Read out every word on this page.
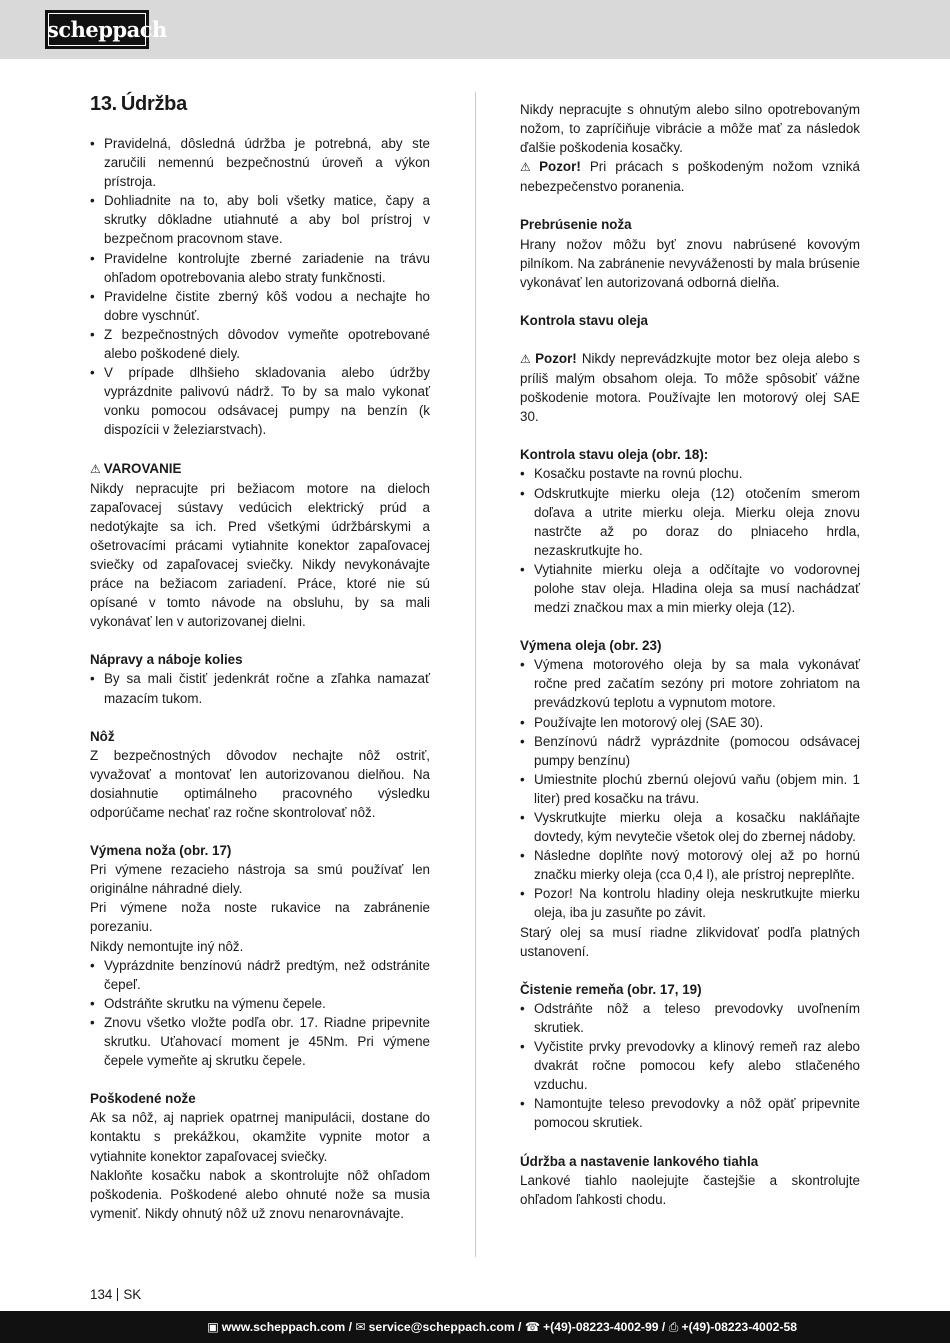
scheppach
13. Údržba
• Pravidelná, dôsledná údržba je potrebná, aby ste zaručili nemennú bezpečnostnú úroveň a výkon prístroja.
• Dohliadnite na to, aby boli všetky matice, čapy a skrutky dôkladne utiahnuté a aby bol prístroj v bezpečnom pracovnom stave.
• Pravidelne kontrolujte zberné zariadenie na trávu ohľadom opotrebovania alebo straty funkčnosti.
• Pravidelne čistite zberný kôš vodou a nechajte ho dobre vyschnúť.
• Z bezpečnostných dôvodov vymeňte opotrebované alebo poškodené diely.
• V prípade dlhšieho skladovania alebo údržby vyprázdnite palivovú nádrž. To by sa malo vykonať vonku pomocou odsávacej pumpy na benzín (k dispozícii v železiarstvach).
⚠ VAROVANIE

Nikdy nepracujte pri bežiacom motore na dieloch zapaľovacej sústavy vedúcich elektrický prúd a nedotýkajte sa ich. Pred všetkými údržbárskymi a ošetrovacími prácami vytiahnite konektor zapaľovacej sviečky od zapaľovacej sviečky. Nikdy nevykonávajte práce na bežiacom zariadení. Práce, ktoré nie sú opísané v tomto návode na obsluhu, by sa mali vykonávať len v autorizovanej dielni.

Nápravy a náboje kolies
• By sa mali čistiť jedenkrát ročne a zľahka namazať mazacím tukom.
Nôž

Z bezpečnostných dôvodov nechajte nôž ostriť, vyvažovať a montovať len autorizovanou dielňou. Na dosiahnutie optimálneho pracovného výsledku odporúčame nechať raz ročne skontrolovať nôž.

Výmena noža (obr. 17)

Pri výmene rezacieho nástroja sa smú používať len originálne náhradné diely.

Pri výmene noža noste rukavice na zabránenie porezaniu.

Nikdy nemontujte iný nôž.

• Vyprázdnite benzínovú nádrž predtým, než odstránite čepeľ.
• Odstráňte skrutku na výmenu čepele.
• Znovu všetko vložte podľa obr. 17. Riadne pripevnite skrutku. Uťahovací moment je 45Nm. Pri výmene čepele vymeňte aj skrutku čepele.
Poškodené nože

Ak sa nôž, aj napriek opatrnej manipulácii, dostane do kontaktu s prekážkou, okamžite vypnite motor a vytiahnite konektor zapaľovacej sviečky.

Nakloňte kosačku nabok a skontrolujte nôž ohľadom poškodenia. Poškodené alebo ohnuté nože sa musia vymeniť. Nikdy ohnutý nôž už znovu nenarovnávajte.

Nikdy nepracujte s ohnutým alebo silno opotrebovaným nožom, to zapríčiňuje vibrácie a môže mať za následok ďalšie poškodenia kosačky.

⚠ Pozor! Pri prácach s poškodeným nožom vzniká nebezpečenstvo poranenia.

Prebrúsenie noža

Hrany nožov môžu byť znovu nabrúsené kovovým pilníkom. Na zabránenie nevyváženosti by mala brúsenie vykonávať len autorizovaná odborná dielňa.

Kontrola stavu oleja

⚠ Pozor! Nikdy neprevádzkujte motor bez oleja alebo s príliš malým obsahom oleja. To môže spôsobiť vážne poškodenie motora. Používajte len motorový olej SAE 30.

Kontrola stavu oleja (obr. 18):
• Kosačku postavte na rovnú plochu.
• Odskrutkujte mierku oleja (12) otočením smerom doľava a utrite mierku oleja. Mierku oleja znovu nastrčte až po doraz do plniaceho hrdla, nezaskrutkujte ho.
• Vytiahnite mierku oleja a odčítajte vo vodorovnej polohe stav oleja. Hladina oleja sa musí nachádzať medzi značkou max a min mierky oleja (12).
Výmena oleja (obr. 23)
• Výmena motorového oleja by sa mala vykonávať ročne pred začatím sezóny pri motore zohriatom na prevádzkovú teplotu a vypnutom motore.
• Používajte len motorový olej (SAE 30).
• Benzínovú nádrž vyprázdnite (pomocou odsávacej pumpy benzínu)
• Umiestnite plochú zbernú olejovú vaňu (objem min. 1 liter) pred kosačku na trávu.
• Vyskrutkujte mierku oleja a kosačku nakláňajte dovtedy, kým nevytečie všetok olej do zbernej nádoby.
• Následne doplňte nový motorový olej až po hornú značku mierky oleja (cca 0,4 l), ale prístroj nepreplňte.
• Pozor! Na kontrolu hladiny oleja neskrutkujte mierku oleja, iba ju zasuňte po závit.

Starý olej sa musí riadne zlikvidovať podľa platných ustanovení.

Čistenie remeňa (obr. 17, 19)
• Odstráňte nôž a teleso prevodovky uvoľnením skrutiek.
• Vyčistite prvky prevodovky a klinový remeň raz alebo dvakrát ročne pomocou kefy alebo stlačeného vzduchu.
• Namontujte teleso prevodovky a nôž opäť pripevnite pomocou skrutiek.
Údržba a nastavenie lankového tiahla

Lankové tiahlo naolejujte častejšie a skontrolujte ohľadom ľahkosti chodu.

134 SK
▣ www.scheppach.com / ✉ service@scheppach.com / ☎ +(49)-08223-4002-99 / ⎙ +(49)-08223-4002-58
